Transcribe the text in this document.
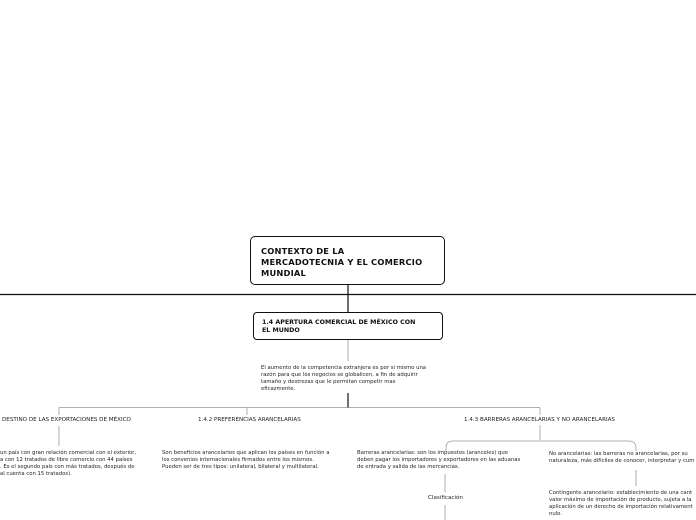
CONTEXTO DE LA
MERCADOTECNIA Y EL COMERCIO
MUNDIAL
1.4 APERTURA COMERCIAL DE MÉXICO CON
EL MUNDO
El aumento de la competencia extranjera es por si mismo una
razón para que los negocios se globalicen, a fin de adquirir
tamaño y destrezas que le permitan competir mas
eficazmente.
DESTINO DE LAS EXPORTACIONES DE MÉXICO
un país con gran relación comercial con el exterior,
a con 12 tratados de libre comercio con 44 países
. Es el segundo país con más tratados, después de
al cuenta con 15 tratados).
1.4.2 PREFERENCIAS ARANCELARIAS
Son beneficios arancelarios que aplican los países en función a
los convenios internacionales firmados entre los mismos.
Pueden ser de tres tipos: unilateral, bilateral y multilateral.
1.4.3 BARRERAS ARANCELARIAS Y NO ARANCELARIAS
Barreras arancelarias: son los impuestos (aranceles) que
deben pagar los importadores y exportadores en las aduanas
de entrada y salida de las mercancías.
Clasificación
No arancelarias: las barreras no arancelarias, por su
naturaleza, más difíciles de conocer, interpretar y cum
Contingente arancelario: establecimiento de una cant
valor máximo de importación de producto, sujeta a la
aplicación de un derecho de importación relativament
nulo.
